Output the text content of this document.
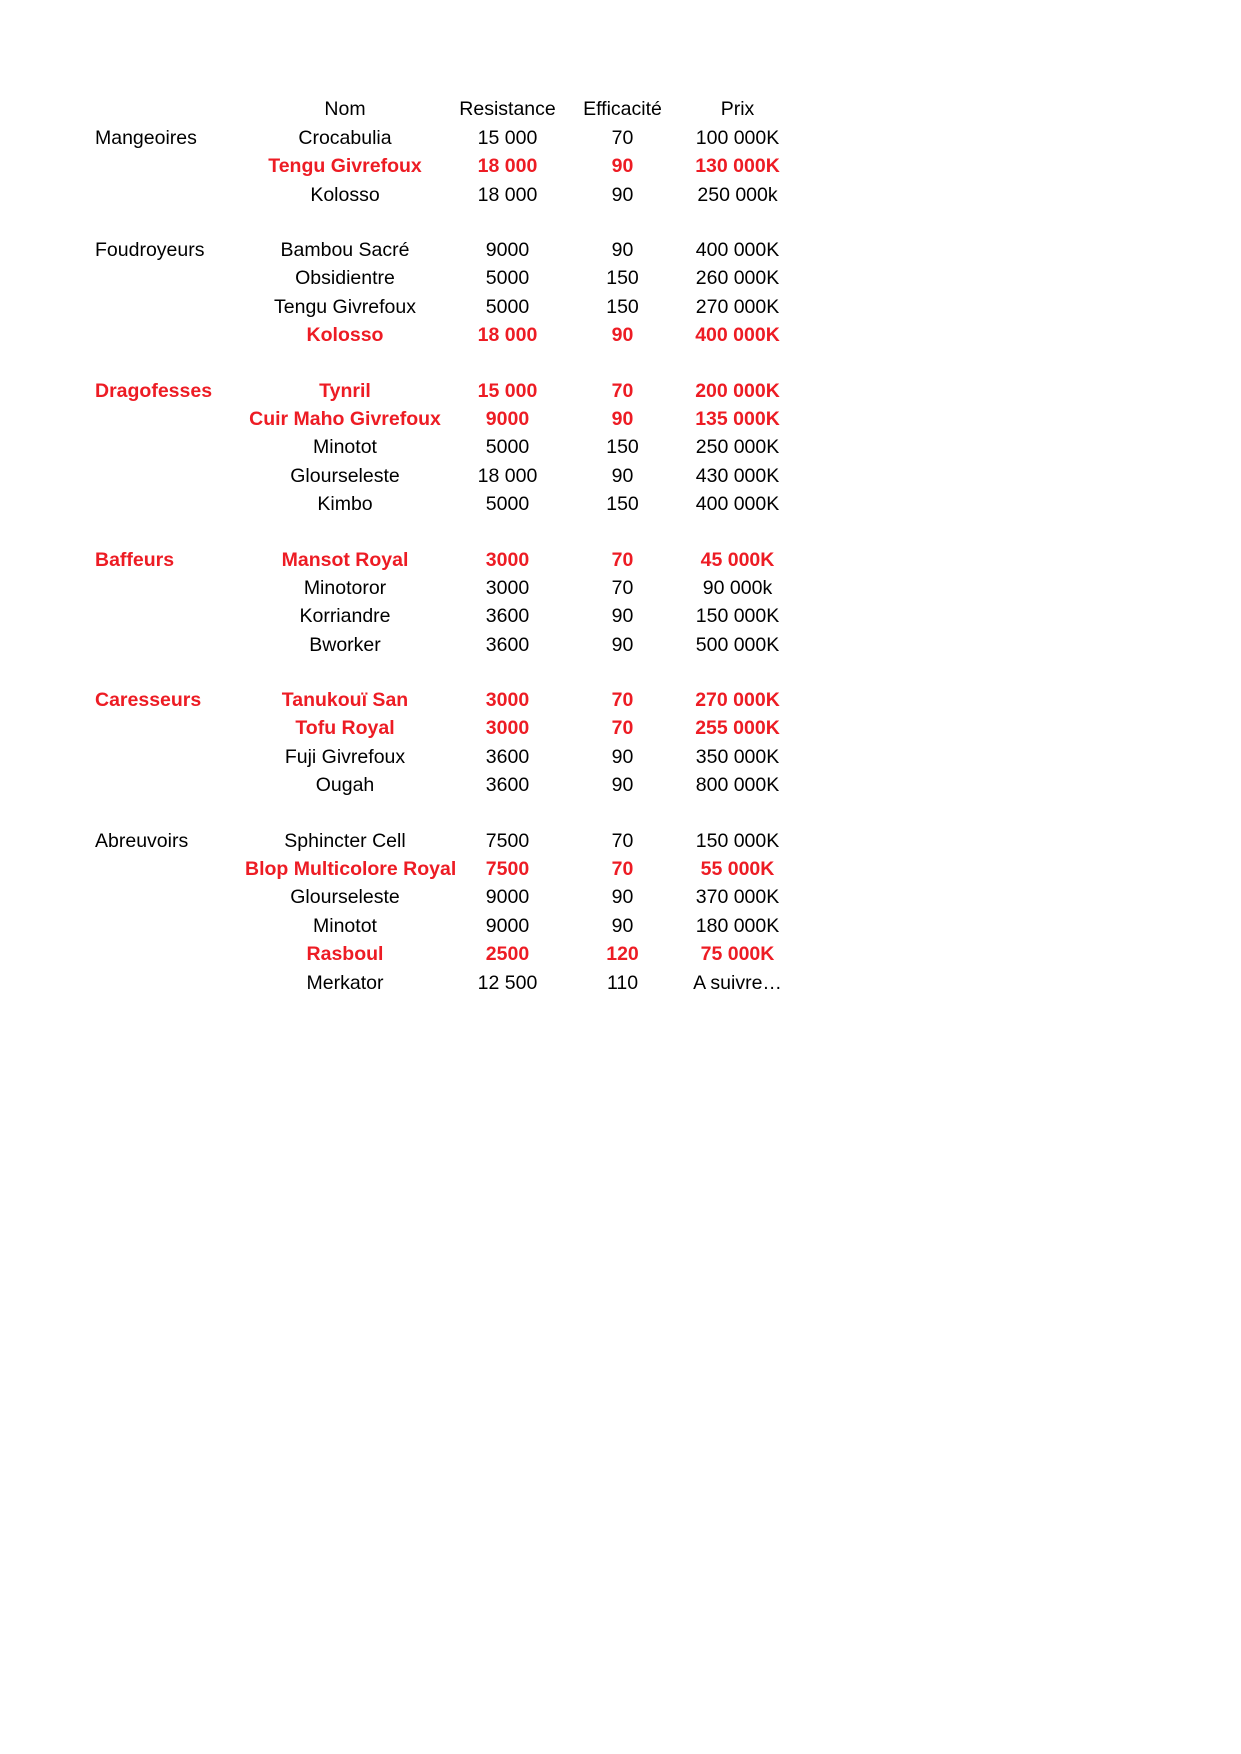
	Nom	Resistance	Efficacité	Prix
Mangeoires	Crocabulia	15 000	70	100 000K
	Tengu Givrefoux	18 000	90	130 000K
	Kolosso	18 000	90	250 000k

Foudroyeurs	Bambou Sacré	9000	90	400 000K
	Obsidientre	5000	150	260 000K
	Tengu Givrefoux	5000	150	270 000K
	Kolosso	18 000	90	400 000K

Dragofesses	Tynril	15 000	70	200 000K
	Cuir Maho Givrefoux	9000	90	135 000K
	Minotot	5000	150	250 000K
	Glourseleste	18 000	90	430 000K
	Kimbo	5000	150	400 000K

Baffeurs	Mansot Royal	3000	70	45 000K
	Minotoror	3000	70	90 000k
	Korriandre	3600	90	150 000K
	Bworker	3600	90	500 000K

Caresseurs	Tanukouï San	3000	70	270 000K
	Tofu Royal	3000	70	255 000K
	Fuji Givrefoux	3600	90	350 000K
	Ougah	3600	90	800 000K

Abreuvoirs	Sphincter Cell	7500	70	150 000K
	Blop Multicolore Royal	7500	70	55 000K
	Glourseleste	9000	90	370 000K
	Minotot	9000	90	180 000K
	Rasboul	2500	120	75 000K
	Merkator	12 500	110	A suivre…
